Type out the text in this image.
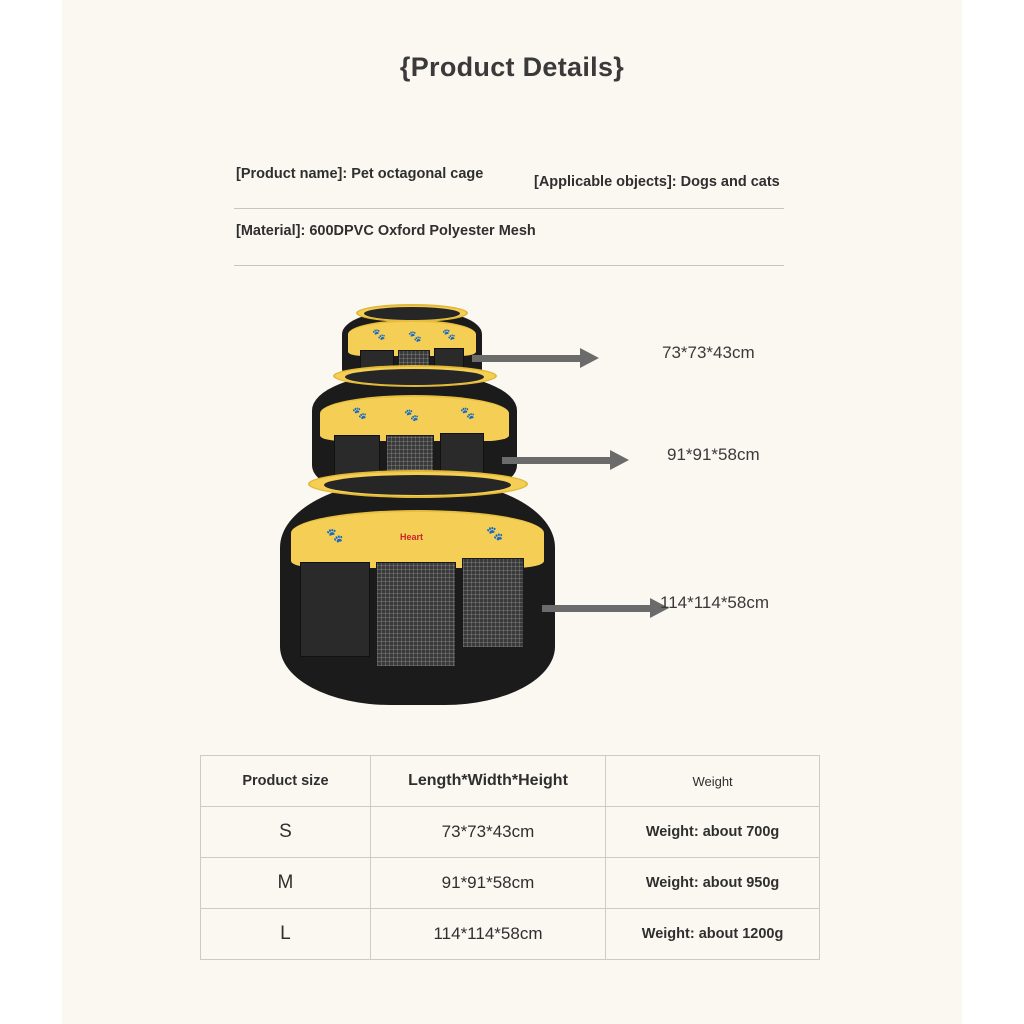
{Product Details}
[Product name]: Pet octagonal cage	[Applicable objects]: Dogs and cats
[Material]: 600DPVC Oxford Polyester Mesh
🐾 🐾 🐾
🐾	🐾	🐾
🐾	🐾
Heart
73*73*43cm
91*91*58cm
114*114*58cm
Product size	Length*Width*Height	Weight
S	73*73*43cm	Weight: about 700g
M	91*91*58cm	Weight: about 950g
L	114*114*58cm	Weight: about 1200g
